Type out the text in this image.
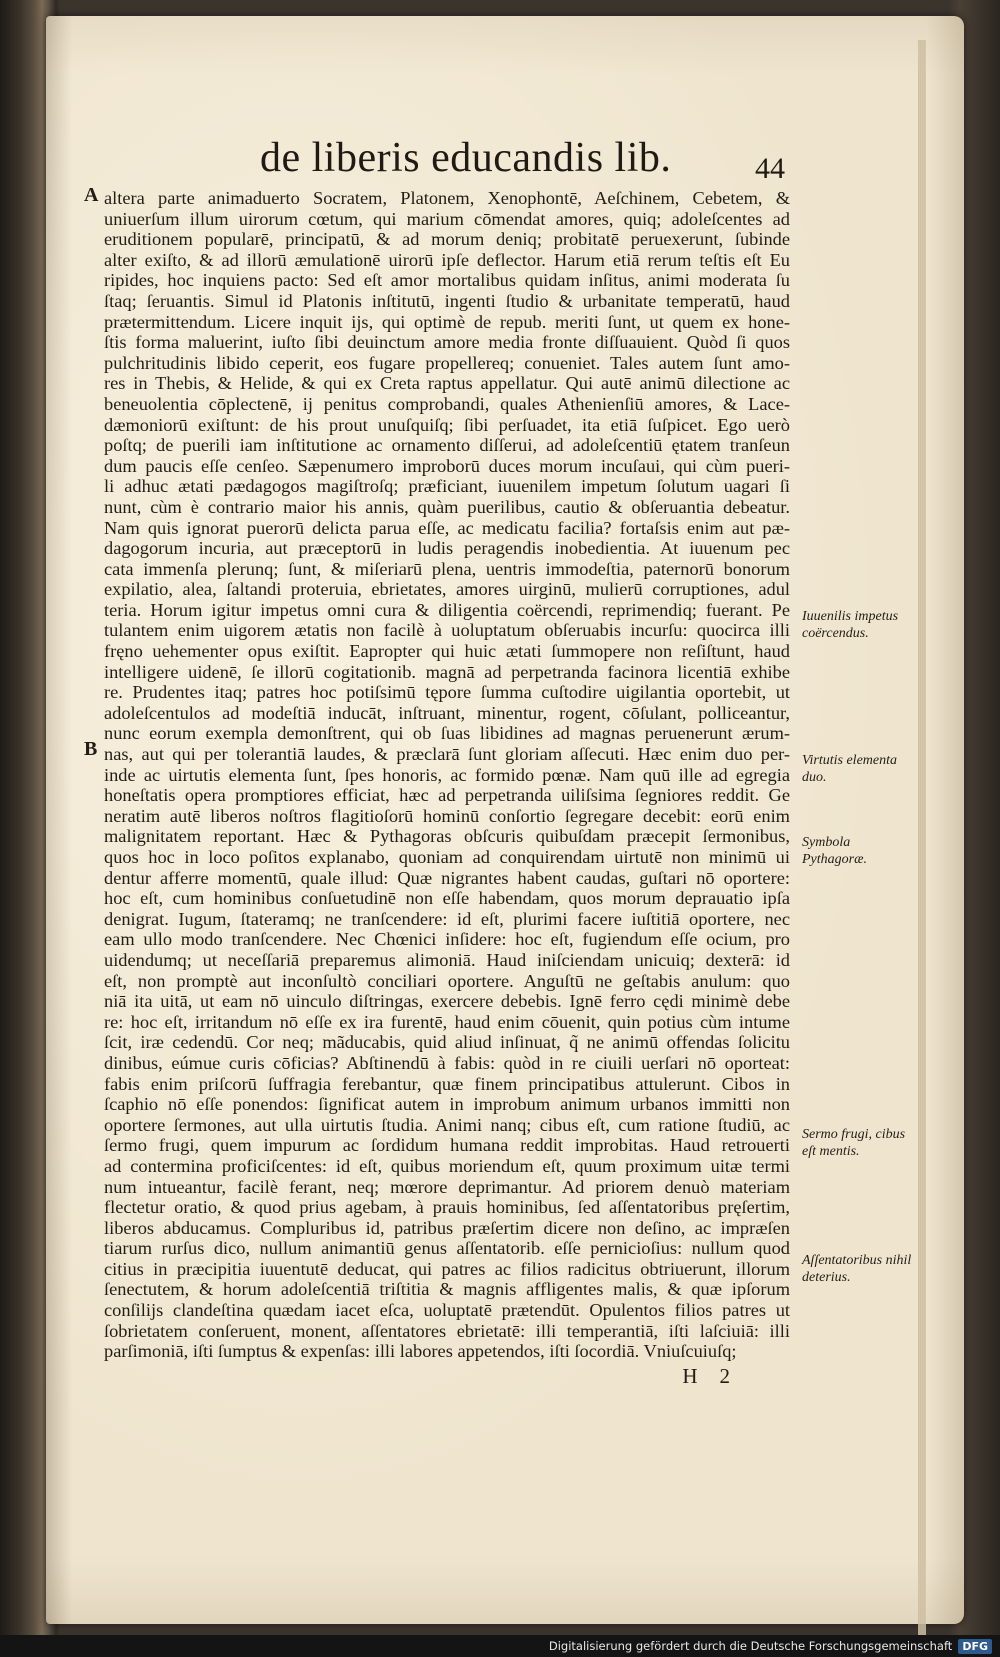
de liberis educandis lib.	44
A
B
altera parte animaduerto Socratem, Platonem, Xenophontē, Aeſchinem, Cebetem, &
uniuerſum illum uirorum cœtum, qui marium cōmendat amores, quiq; adoleſcentes ad
eruditionem popularē, principatū, & ad morum deniq; probitatē peruexerunt, ſubinde
alter exiſto, & ad illorū æmulationē uirorū ipſe deflector. Harum etiā rerum teſtis eſt Eu
ripides, hoc inquiens pacto: Sed eſt amor mortalibus quidam inſitus, animi moderata ſu
ſtaq; ſeruantis. Simul id Platonis inſtitutū, ingenti ſtudio & urbanitate temperatū, haud
prætermittendum. Licere inquit ijs, qui optimè de repub. meriti ſunt, ut quem ex hone-
ſtis forma maluerint, iuſto ſibi deuinctum amore media fronte diſſuauient. Quòd ſi quos
pulchritudinis libido ceperit, eos fugare propellereq; conueniet. Tales autem ſunt amo-
res in Thebis, & Helide, & qui ex Creta raptus appellatur. Qui autē animū dilectione ac
beneuolentia cōplectenē, ij penitus comprobandi, quales Athenienſiū amores, & Lace-
dæmoniorū exiſtunt: de his prout unuſquiſq; ſibi perſuadet, ita etiā ſuſpicet. Ego uerò
poſtq; de puerili iam inſtitutione ac ornamento diſſerui, ad adoleſcentiū ętatem tranſeun
dum paucis eſſe cenſeo. Sæpenumero improborū duces morum incuſaui, qui cùm pueri-
li adhuc ætati pædagogos magiſtroſq; præficiant, iuuenilem impetum ſolutum uagari ſi
nunt, cùm è contrario maior his annis, quàm puerilibus, cautio & obſeruantia debeatur.
Nam quis ignorat puerorū delicta parua eſſe, ac medicatu facilia? fortaſsis enim aut pæ-
dagogorum incuria, aut præceptorū in ludis peragendis inobedientia. At iuuenum pec
cata immenſa plerunq; ſunt, & miſeriarū plena, uentris immodeſtia, paternorū bonorum
expilatio, alea, ſaltandi proteruia, ebrietates, amores uirginū, mulierū corruptiones, adul
teria. Horum igitur impetus omni cura & diligentia coërcendi, reprimendiq; fuerant. Pe
tulantem enim uigorem ætatis non facilè à uoluptatum obſeruabis incurſu: quocirca illi
fręno uehementer opus exiſtit. Eapropter qui huic ætati ſummopere non reſiſtunt, haud
intelligere uidenē, ſe illorū cogitationib. magnā ad perpetranda facinora licentiā exhibe
re. Prudentes itaq; patres hoc potiſsimū tępore ſumma cuſtodire uigilantia oportebit, ut
adoleſcentulos ad modeſtiā inducāt, inſtruant, minentur, rogent, cōſulant, polliceantur,
nunc eorum exempla demonſtrent, qui ob ſuas libidines ad magnas peruenerunt ærum-
nas, aut qui per tolerantiā laudes, & præclarā ſunt gloriam aſſecuti. Hæc enim duo per-
inde ac uirtutis elementa ſunt, ſpes honoris, ac formido pœnæ. Nam quū ille ad egregia
honeſtatis opera promptiores efficiat, hæc ad perpetranda uiliſsima ſegniores reddit. Ge
neratim autē liberos noſtros flagitioſorū hominū conſortio ſegregare decebit: eorū enim
malignitatem reportant. Hæc & Pythagoras obſcuris quibuſdam præcepit ſermonibus,
quos hoc in loco poſitos explanabo, quoniam ad conquirendam uirtutē non minimū ui
dentur afferre momentū, quale illud: Quæ nigrantes habent caudas, guſtari nō oportere:
hoc eſt, cum hominibus conſuetudinē non eſſe habendam, quos morum deprauatio ipſa
denigrat. Iugum, ſtateramq; ne tranſcendere: id eſt, plurimi facere iuſtitiā oportere, nec
eam ullo modo tranſcendere. Nec Chœnici inſidere: hoc eſt, fugiendum eſſe ocium, pro
uidendumq; ut neceſſariā preparemus alimoniā. Haud iniſciendam unicuiq; dexterā: id
eſt, non promptè aut inconſultò conciliari oportere. Anguſtū ne geſtabis anulum: quo
niā ita uitā, ut eam nō uinculo diſtringas, exercere debebis. Ignē ferro cędi minimè debe
re: hoc eſt, irritandum nō eſſe ex ira furentē, haud enim cōuenit, quin potius cùm intume
ſcit, iræ cedendū. Cor neq; mãducabis, quid aliud inſinuat, q̃ ne animū offendas ſolicitu
dinibus, eúmue curis cōficias? Abſtinendū à fabis: quòd in re ciuili uerſari nō oporteat:
fabis enim priſcorū ſuffragia ferebantur, quæ finem principatibus attulerunt. Cibos in
ſcaphio nō eſſe ponendos: ſignificat autem in improbum animum urbanos immitti non
oportere ſermones, aut ulla uirtutis ſtudia. Animi nanq; cibus eſt, cum ratione ſtudiū, ac
ſermo frugi, quem impurum ac ſordidum humana reddit improbitas. Haud retrouerti
ad contermina proficiſcentes: id eſt, quibus moriendum eſt, quum proximum uitæ termi
num intueantur, facilè ferant, neq; mœrore deprimantur. Ad priorem denuò materiam
flectetur oratio, & quod prius agebam, à prauis hominibus, ſed aſſentatoribus pręſertim,
liberos abducamus. Compluribus id, patribus præſertim dicere non deſino, ac impræſen
tiarum rurſus dico, nullum animantiū genus aſſentatorib. eſſe pernicioſius: nullum quod
citius in præcipitia iuuentutē deducat, qui patres ac filios radicitus obtriuerunt, illorum
ſenectutem, & horum adoleſcentiā triſtitia & magnis affligentes malis, & quæ ipſorum
conſilijs clandeſtina quædam iacet eſca, uoluptatē prætendūt. Opulentos filios patres ut
ſobrietatem conſeruent, monent, aſſentatores ebrietatē: illi temperantiā, iſti laſciuiā: illi
parſimoniā, iſti ſumptus & expenſas: illi labores appetendos, iſti ſocordiā. Vniuſcuiuſq;
H 2
Iuuenilis impetus coërcendus.
Virtutis elementa duo.
Symbola Pythagoræ.
Sermo frugi, cibus eſt mentis.
Aſſentatoribus nihil deterius.
Digitalisierung gefördert durch die Deutsche Forschungsgemeinschaft DFG
